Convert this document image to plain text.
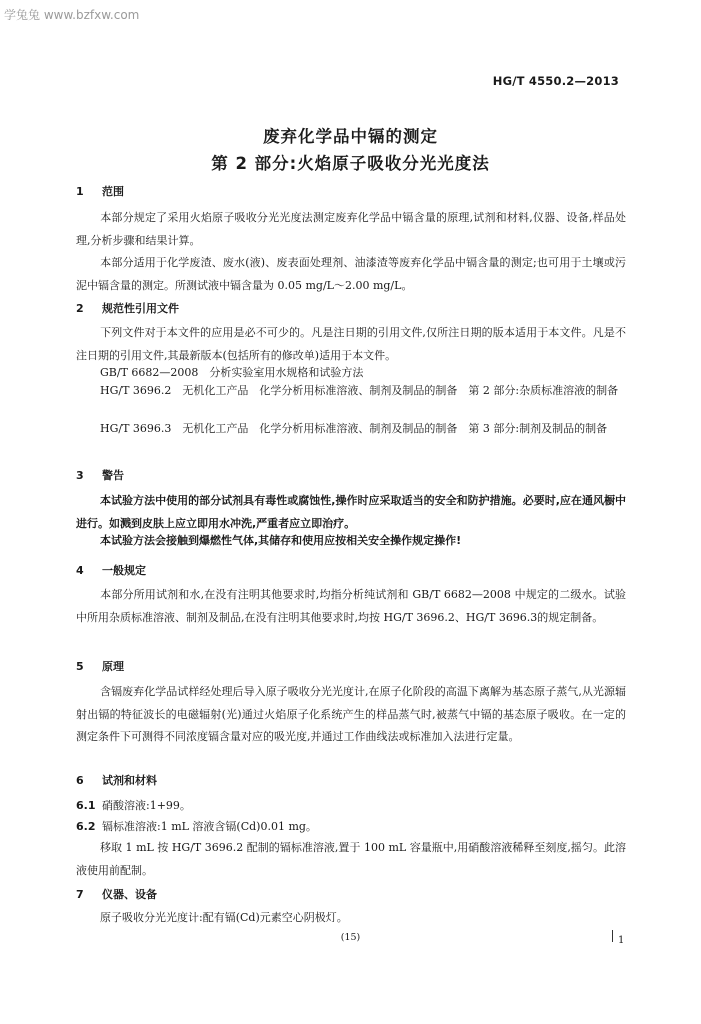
学兔兔 www.bzfxw.com
HG/T 4550.2—2013
废弃化学品中镉的测定
第 2 部分:火焰原子吸收分光光度法
1 范围
本部分规定了采用火焰原子吸收分光光度法测定废弃化学品中镉含量的原理,试剂和材料,仪器、设备,样品处理,分析步骤和结果计算。
本部分适用于化学废渣、废水(液)、废表面处理剂、油漆渣等废弃化学品中镉含量的测定;也可用于土壤或污泥中镉含量的测定。所测试液中镉含量为 0.05 mg/L～2.00 mg/L。
2 规范性引用文件
下列文件对于本文件的应用是必不可少的。凡是注日期的引用文件,仅所注日期的版本适用于本文件。凡是不注日期的引用文件,其最新版本(包括所有的修改单)适用于本文件。
GB/T 6682—2008　分析实验室用水规格和试验方法
HG/T 3696.2　无机化工产品　化学分析用标准溶液、制剂及制品的制备　第 2 部分:杂质标准溶液的制备
HG/T 3696.3　无机化工产品　化学分析用标准溶液、制剂及制品的制备　第 3 部分:制剂及制品的制备
3 警告
本试验方法中使用的部分试剂具有毒性或腐蚀性,操作时应采取适当的安全和防护措施。必要时,应在通风橱中进行。如溅到皮肤上应立即用水冲洗,严重者应立即治疗。
本试验方法会接触到爆燃性气体,其储存和使用应按相关安全操作规定操作!
4 一般规定
本部分所用试剂和水,在没有注明其他要求时,均指分析纯试剂和 GB/T 6682—2008 中规定的二级水。试验中所用杂质标准溶液、制剂及制品,在没有注明其他要求时,均按 HG/T 3696.2、HG/T 3696.3的规定制备。
5 原理
含镉废弃化学品试样经处理后导入原子吸收分光光度计,在原子化阶段的高温下离解为基态原子蒸气,从光源辐射出镉的特征波长的电磁辐射(光)通过火焰原子化系统产生的样品蒸气时,被蒸气中镉的基态原子吸收。在一定的测定条件下可测得不同浓度镉含量对应的吸光度,并通过工作曲线法或标准加入法进行定量。
6 试剂和材料
6.1 硝酸溶液:1+99。
6.2 镉标准溶液:1 mL 溶液含镉(Cd)0.01 mg。
移取 1 mL 按 HG/T 3696.2 配制的镉标准溶液,置于 100 mL 容量瓶中,用硝酸溶液稀释至刻度,摇匀。此溶液使用前配制。
7 仪器、设备
原子吸收分光光度计:配有镉(Cd)元素空心阴极灯。
(15)	1
